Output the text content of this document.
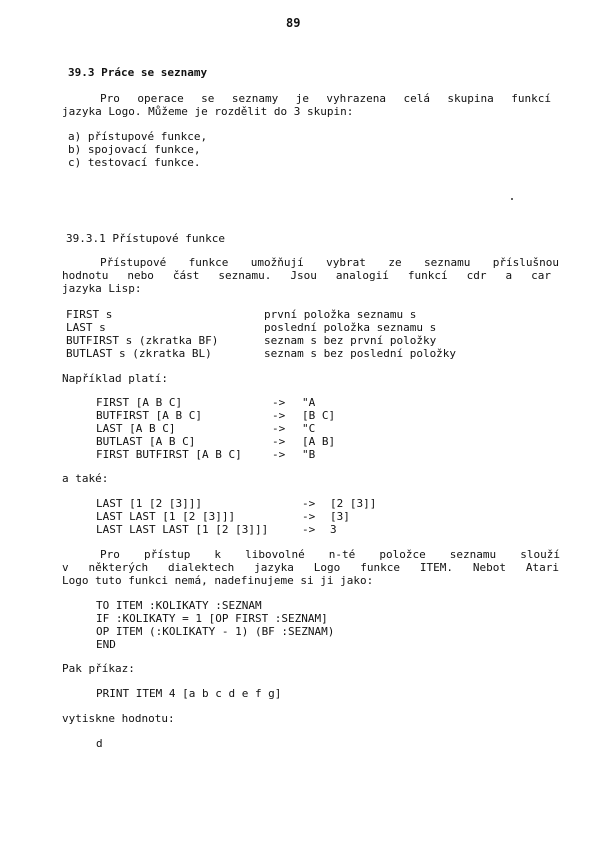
89
39.3 Práce se seznamy
Pro operace se seznamy je vyhrazena celá skupina funkcí
jazyka Logo. Můžeme je rozdělit do 3 skupin:
a) přístupové funkce,
b) spojovací funkce,
c) testovací funkce.
39.3.1 Přístupové funkce
Přístupové funkce umožňují vybrat ze seznamu příslušnou
hodnotu nebo část seznamu. Jsou analogií funkcí cdr a car
jazyka Lisp:
FIRST s	první položka seznamu s
LAST s	poslední položka seznamu s
BUTFIRST s (zkratka BF)	seznam s bez první položky
BUTLAST s (zkratka BL)	seznam s bez poslední položky
Například platí:
FIRST [A B C]	-> "A
BUTFIRST [A B C]	-> [B C]
LAST [A B C]	-> "C
BUTLAST [A B C]	-> [A B]
FIRST BUTFIRST [A B C]	-> "B
a také:
LAST [1 [2 [3]]]	-> [2 [3]]
LAST LAST [1 [2 [3]]]	-> [3]
LAST LAST LAST [1 [2 [3]]]	-> 3
Pro přístup k libovolné n-té položce seznamu slouží
v některých dialektech jazyka Logo funkce ITEM. Nebot Atari
Logo tuto funkci nemá, nadefinujeme si ji jako:
TO ITEM :KOLIKATY :SEZNAM
IF :KOLIKATY = 1 [OP FIRST :SEZNAM]
OP ITEM (:KOLIKATY - 1) (BF :SEZNAM)
END
Pak příkaz:
PRINT ITEM 4 [a b c d e f g]
vytiskne hodnotu:
d
